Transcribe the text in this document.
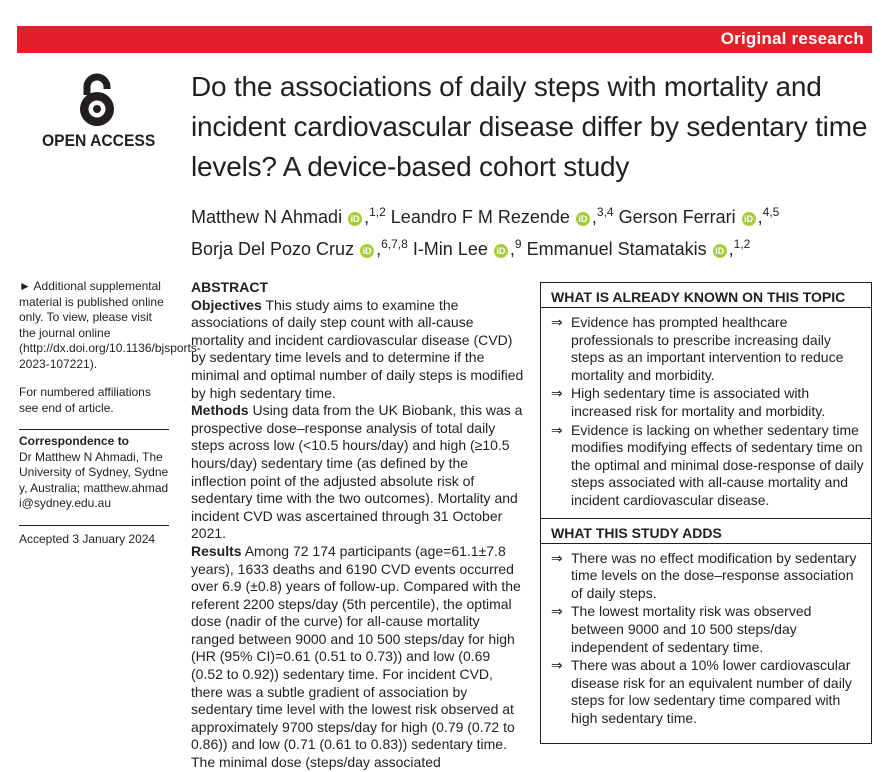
Original research
OPEN ACCESS
Do the associations of daily steps with mortality and incident cardiovascular disease differ by sedentary time levels? A device-based cohort study
Matthew N Ahmadi iD ,$^{1,2}$ Leandro F M Rezende iD ,$^{3,4}$ Gerson Ferrari iD ,$^{4,5}$
Borja Del Pozo Cruz iD ,$^{6,7,8}$ I-Min Lee iD ,$^9$ Emmanuel Stamatakis iD ,$^{1,2}$

► Additional supplemental material is published online only. To view, please visit the journal online (http://dx.doi.org/10.1136/bjsports-2023-107221).

For numbered affiliations see end of article.

Correspondence to

Dr Matthew N Ahmadi, The University of Sydney, Sydney, Australia; matthew.ahmadi@sydney.edu.au

Accepted 3 January 2024
ABSTRACT

Objectives This study aims to examine the associations of daily step count with all-cause mortality and incident cardiovascular disease (CVD) by sedentary time levels and to determine if the minimal and optimal number of daily steps is modified by high sedentary time.

Methods Using data from the UK Biobank, this was a prospective dose–response analysis of total daily steps across low (<10.5 hours/day) and high (≥10.5 hours/day) sedentary time (as defined by the inflection point of the adjusted absolute risk of sedentary time with the two outcomes). Mortality and incident CVD was ascertained through 31 October 2021.

Results Among 72 174 participants (age=61.1±7.8 years), 1633 deaths and 6190 CVD events occurred over 6.9 (±0.8) years of follow-up. Compared with the referent 2200 steps/day (5th percentile), the optimal dose (nadir of the curve) for all-cause mortality ranged between 9000 and 10 500 steps/day for high (HR (95% CI)=0.61 (0.51 to 0.73)) and low (0.69 (0.52 to 0.92)) sedentary time. For incident CVD, there was a subtle gradient of association by sedentary time level with the lowest risk observed at approximately 9700 steps/day for high (0.79 (0.72 to 0.86)) and low (0.71 (0.61 to 0.83)) sedentary time. The minimal dose (steps/day associated

WHAT IS ALREADY KNOWN ON THIS TOPIC
⇒ Evidence has prompted healthcare professionals to prescribe increasing daily steps as an important intervention to reduce mortality and morbidity.
⇒ High sedentary time is associated with increased risk for mortality and morbidity.
⇒ Evidence is lacking on whether sedentary time modifies modifying effects of sedentary time on the optimal and minimal dose-response of daily steps associated with all-cause mortality and incident cardiovascular disease.
WHAT THIS STUDY ADDS
⇒ There was no effect modification by sedentary time levels on the dose–response association of daily steps.
⇒ The lowest mortality risk was observed between 9000 and 10 500 steps/day independent of sedentary time.
⇒ There was about a 10% lower cardiovascular disease risk for an equivalent number of daily steps for low sedentary time compared with high sedentary time.
